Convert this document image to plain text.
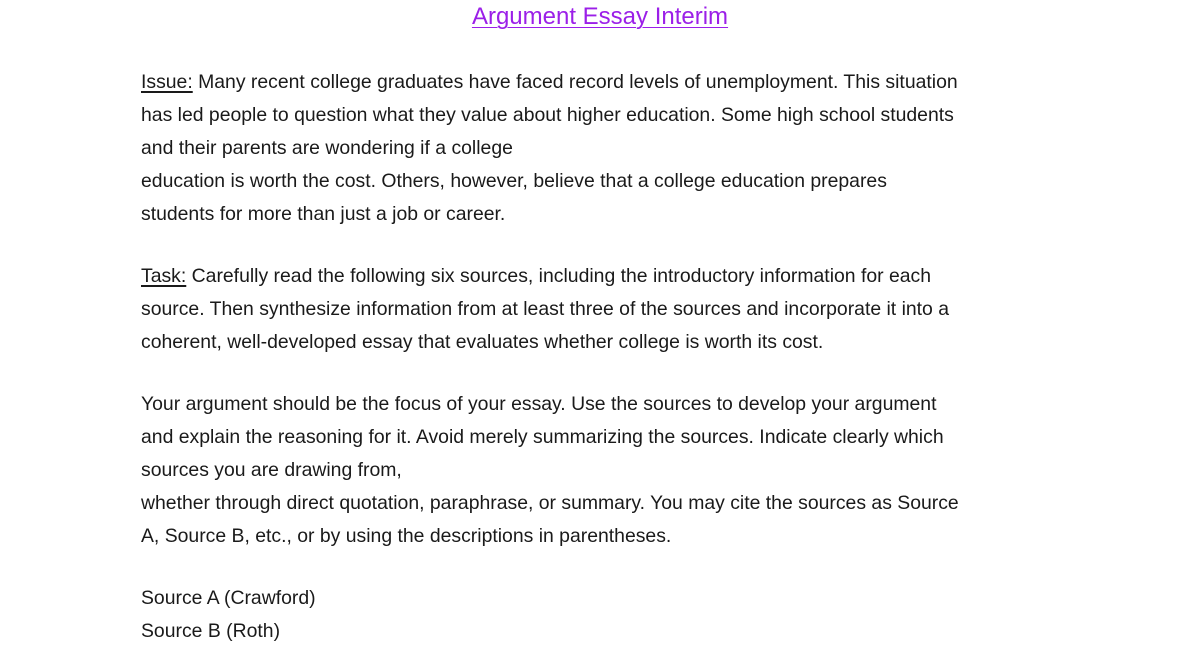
Argument Essay Interim
Issue: Many recent college graduates have faced record levels of unemployment. This situation
has led people to question what they value about higher education. Some high school students
and their parents are wondering if a college
education is worth the cost. Others, however, believe that a college education prepares
students for more than just a job or career.
Task: Carefully read the following six sources, including the introductory information for each
source. Then synthesize information from at least three of the sources and incorporate it into a
coherent, well-developed essay that evaluates whether college is worth its cost.
Your argument should be the focus of your essay. Use the sources to develop your argument
and explain the reasoning for it. Avoid merely summarizing the sources. Indicate clearly which
sources you are drawing from,
whether through direct quotation, paraphrase, or summary. You may cite the sources as Source
A, Source B, etc., or by using the descriptions in parentheses.
Source A (Crawford)
Source B (Roth)
